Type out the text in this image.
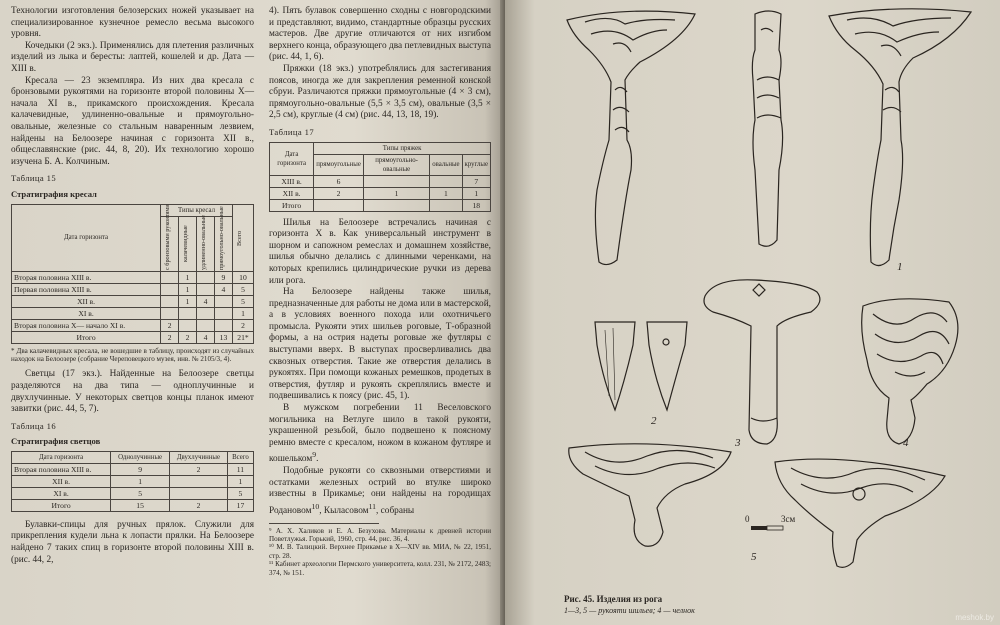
Технологии изготовления белозерских ножей указывает на специализированное кузнечное ремесло весьма высокого уровня.

Кочедыки (2 экз.). Применялись для плетения различных изделий из лыка и бересты: лаптей, кошелей и др. Дата — XIII в.

Кресала — 23 экземпляра. Из них два кресала с бронзовыми рукоятями на горизонте второй половины X— начала XI в., прикамского происхождения. Кресала калачевидные, удлиненно-овальные и прямоугольно-овальные, железные со стальным наваренным лезвием, найдены на Белоозере начиная с горизонта XII в., общеславянские (рис. 44, 8, 20). Их технологию хорошо изучена Б. А. Колчиным.

Таблица 15
Стратиграфия кресал
Дата горизонта	Типы кресал				Всего

	с бронзовыми рукоятями	калачевидные	удлиненно-овальные	прямоугольно-овальные	

Вторая половина XIII в.		1		9	10
Первая половина XIII в.		1		4	5
XII в.		1	4		5
XI в.					1
Вторая половина X— начало XI в.	2				2
Итого	2	2	4	13	21*
* Два калачевидных кресала, не вошедшие в таблицу, происходят из случайных находок на Белоозере (собрание Череповецкого музея, инв. № 2105/3, 4).

Светцы (17 экз.). Найденные на Белоозере светцы разделяются на два типа — одноплучинные и двухлучинные. У некоторых светцов концы планок имеют завитки (рис. 44, 5, 7).

Таблица 16
Стратиграфия светцов
Дата горизонта	Однолучинные	Двухлучинные	Всего
Вторая половина XIII в.	9	2	11
XII в.	1		1
XI в.	5		5
Итого	15	2	17

Булавки-спицы для ручных прялок. Служили для прикрепления кудели льна к лопасти прялки. На Белоозере найдено 7 таких спиц в горизонте второй половины XIII в. (рис. 44, 2,

4). Пять булавок совершенно сходны с новгородскими и представляют, видимо, стандартные образцы русских мастеров. Две другие отличаются от них изгибом верхнего конца, образующего два петлевидных выступа (рис. 44, 1, 6).

Пряжки (18 экз.) употреблялись для застегивания поясов, иногда же для закрепления ременной конской сбруи. Различаются пряжки прямоугольные (4 × 3 см), прямоугольно-овальные (5,5 × 3,5 см), овальные (3,5 × 2,5 см), круглые (4 см) (рис. 44, 13, 18, 19).

Таблица 17
Дата горизонта	Типы пряжек			
	прямоугольные	прямоугольно-овальные	овальные	круглые
XIII в.	6			7
XII в.	2	1	1	1
Итого				18

Шилья на Белоозере встречались начиная с горизонта X в. Как универсальный инструмент в шорном и сапожном ремеслах и домашнем хозяйстве, шилья обычно делались с длинными черенками, на которых крепились цилиндрические ручки из дерева или рога.

На Белоозере найдены также шилья, предназначенные для работы не дома или в мастерской, а в условиях военного похода или охотничьего промысла. Рукояти этих шильев роговые, Т-образной формы, а на острия надеты роговые же футляры с выступами вверх. В выступах просверливались два сквозных отверстия. Такие же отверстия делались в рукоятях. При помощи кожаных ремешков, продетых в отверстия, футляр и рукоять скреплялись вместе и подвешивались к поясу (рис. 45, 1).

В мужском погребении 11 Веселовского могильника на Ветлуге шило в такой рукояти, украшенной резьбой, было подвешено к поясному ремню вместе с кресалом, ножом в кожаном футляре и кошельком$^9$.

Подобные рукояти со сквозными отверстиями и остатками железных острий во втулке широко известны в Прикамье; они найдены на городищах Родановом$^{10}$, Кыласовом$^{11}$, собраны

⁹ А. Х. Халиков и Е. А. Безухова. Материалы к древней истории Поветлужья. Горький, 1960, стр. 44, рис. 36, 4.
¹⁰ М. В. Талицкий. Верхнее Прикамье в X—XIV вв. МИА, № 22, 1951, стр. 28.
¹¹ Кабинет археологии Пермского университета, колл. 231, № 2172, 2483; 374, № 151.
0	3см
1
2
3	4
5
Рис. 45. Изделия из рога
1—3, 5 — рукояти шильев; 4 — челнок
meshok.by
